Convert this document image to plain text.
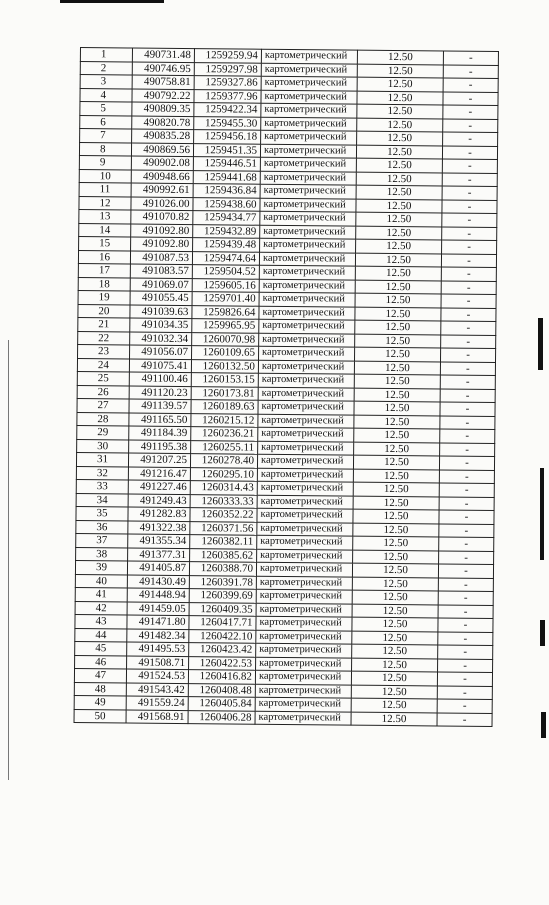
1	490731.48	1259259.94	картометрический	12.50	-
2	490746.95	1259297.98	картометрический	12.50	-
3	490758.81	1259327.86	картометрический	12.50	-
4	490792.22	1259377.96	картометрический	12.50	-
5	490809.35	1259422.34	картометрический	12.50	-
6	490820.78	1259455.30	картометрический	12.50	-
7	490835.28	1259456.18	картометрический	12.50	-
8	490869.56	1259451.35	картометрический	12.50	-
9	490902.08	1259446.51	картометрический	12.50	-
10	490948.66	1259441.68	картометрический	12.50	-
11	490992.61	1259436.84	картометрический	12.50	-
12	491026.00	1259438.60	картометрический	12.50	-
13	491070.82	1259434.77	картометрический	12.50	-
14	491092.80	1259432.89	картометрический	12.50	-
15	491092.80	1259439.48	картометрический	12.50	-
16	491087.53	1259474.64	картометрический	12.50	-
17	491083.57	1259504.52	картометрический	12.50	-
18	491069.07	1259605.16	картометрический	12.50	-
19	491055.45	1259701.40	картометрический	12.50	-
20	491039.63	1259826.64	картометрический	12.50	-
21	491034.35	1259965.95	картометрический	12.50	-
22	491032.34	1260070.98	картометрический	12.50	-
23	491056.07	1260109.65	картометрический	12.50	-
24	491075.41	1260132.50	картометрический	12.50	-
25	491100.46	1260153.15	картометрический	12.50	-
26	491120.23	1260173.81	картометрический	12.50	-
27	491139.57	1260189.63	картометрический	12.50	-
28	491165.50	1260215.12	картометрический	12.50	-
29	491184.39	1260236.21	картометрический	12.50	-
30	491195.38	1260255.11	картометрический	12.50	-
31	491207.25	1260278.40	картометрический	12.50	-
32	491216.47	1260295.10	картометрический	12.50	-
33	491227.46	1260314.43	картометрический	12.50	-
34	491249.43	1260333.33	картометрический	12.50	-
35	491282.83	1260352.22	картометрический	12.50	-
36	491322.38	1260371.56	картометрический	12.50	-
37	491355.34	1260382.11	картометрический	12.50	-
38	491377.31	1260385.62	картометрический	12.50	-
39	491405.87	1260388.70	картометрический	12.50	-
40	491430.49	1260391.78	картометрический	12.50	-
41	491448.94	1260399.69	картометрический	12.50	-
42	491459.05	1260409.35	картометрический	12.50	-
43	491471.80	1260417.71	картометрический	12.50	-
44	491482.34	1260422.10	картометрический	12.50	-
45	491495.53	1260423.42	картометрический	12.50	-
46	491508.71	1260422.53	картометрический	12.50	-
47	491524.53	1260416.82	картометрический	12.50	-
48	491543.42	1260408.48	картометрический	12.50	-
49	491559.24	1260405.84	картометрический	12.50	-
50	491568.91	1260406.28	картометрический	12.50	-
